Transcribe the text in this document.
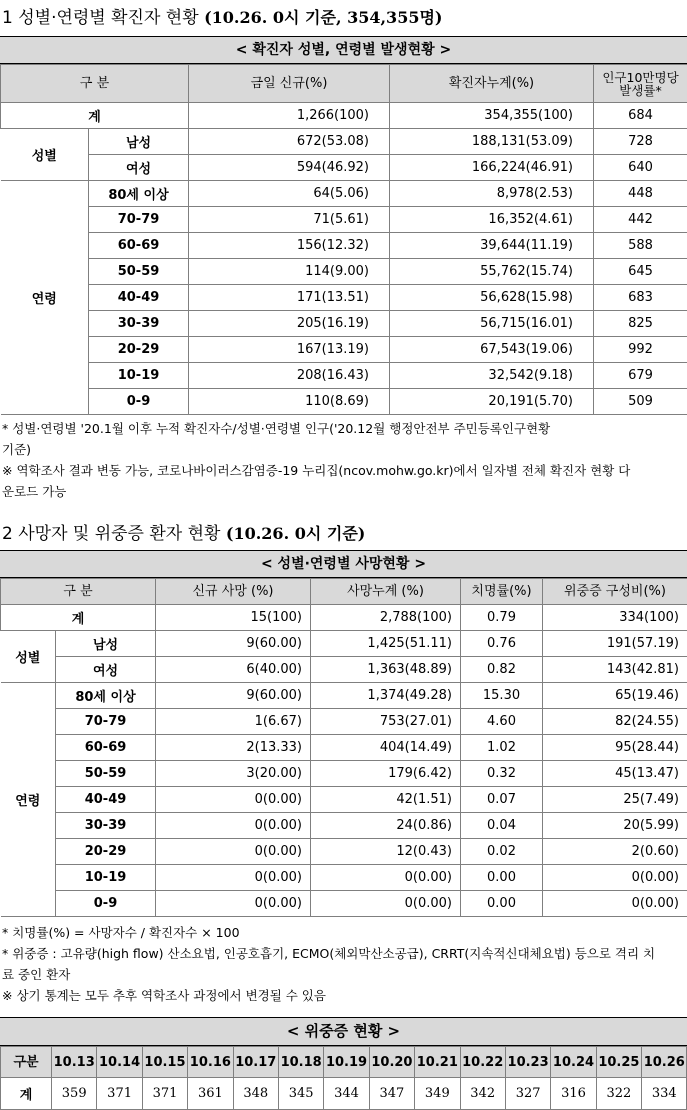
1 성별·연령별 확진자 현황 (10.26. 0시 기준, 354,355명)
< 확진자 성별, 연령별 발생현황 >
구 분		금일 신규(%)	확진자누계(%)	인구10만명당 발생률*
계		1,266(100)	354,355(100)	684
성별	남성	672(53.08)	188,131(53.09)	728
	여성	594(46.92)	166,224(46.91)	640
연령	80세 이상	64(5.06)	8,978(2.53)	448
	70-79	71(5.61)	16,352(4.61)	442
	60-69	156(12.32)	39,644(11.19)	588
	50-59	114(9.00)	55,762(15.74)	645
	40-49	171(13.51)	56,628(15.98)	683
	30-39	205(16.19)	56,715(16.01)	825
	20-29	167(13.19)	67,543(19.06)	992
	10-19	208(16.43)	32,542(9.18)	679
	0-9	110(8.69)	20,191(5.70)	509
* 성별·연령별 '20.1월 이후 누적 확진자수/성별·연령별 인구('20.12월 행정안전부 주민등록인구현황
기준)
※ 역학조사 결과 변동 가능, 코로나바이러스감염증-19 누리집(ncov.mohw.go.kr)에서 일자별 전체 확진자 현황 다
운로드 가능
2 사망자 및 위중증 환자 현황 (10.26. 0시 기준)
< 성별·연령별 사망현황 >
구 분		신규 사망 (%)	사망누계 (%)	치명률(%)	위중증 구성비(%)
계		15(100)	2,788(100)	0.79	334(100)
성별	남성	9(60.00)	1,425(51.11)	0.76	191(57.19)
	여성	6(40.00)	1,363(48.89)	0.82	143(42.81)
연령	80세 이상	9(60.00)	1,374(49.28)	15.30	65(19.46)
	70-79	1(6.67)	753(27.01)	4.60	82(24.55)
	60-69	2(13.33)	404(14.49)	1.02	95(28.44)
	50-59	3(20.00)	179(6.42)	0.32	45(13.47)
	40-49	0(0.00)	42(1.51)	0.07	25(7.49)
	30-39	0(0.00)	24(0.86)	0.04	20(5.99)
	20-29	0(0.00)	12(0.43)	0.02	2(0.60)
	10-19	0(0.00)	0(0.00)	0.00	0(0.00)
	0-9	0(0.00)	0(0.00)	0.00	0(0.00)
* 치명률(%) = 사망자수 / 확진자수 × 100
* 위중증 : 고유량(high flow) 산소요법, 인공호흡기, ECMO(체외막산소공급), CRRT(지속적신대체요법) 등으로 격리 치
료 중인 환자
※ 상기 통계는 모두 추후 역학조사 과정에서 변경될 수 있음
< 위중증 현황 >
구분	10.13	10.14	10.15	10.16	10.17	10.18	10.19	10.20	10.21	10.22	10.23	10.24	10.25	10.26
계	359	371	371	361	348	345	344	347	349	342	327	316	322	334
